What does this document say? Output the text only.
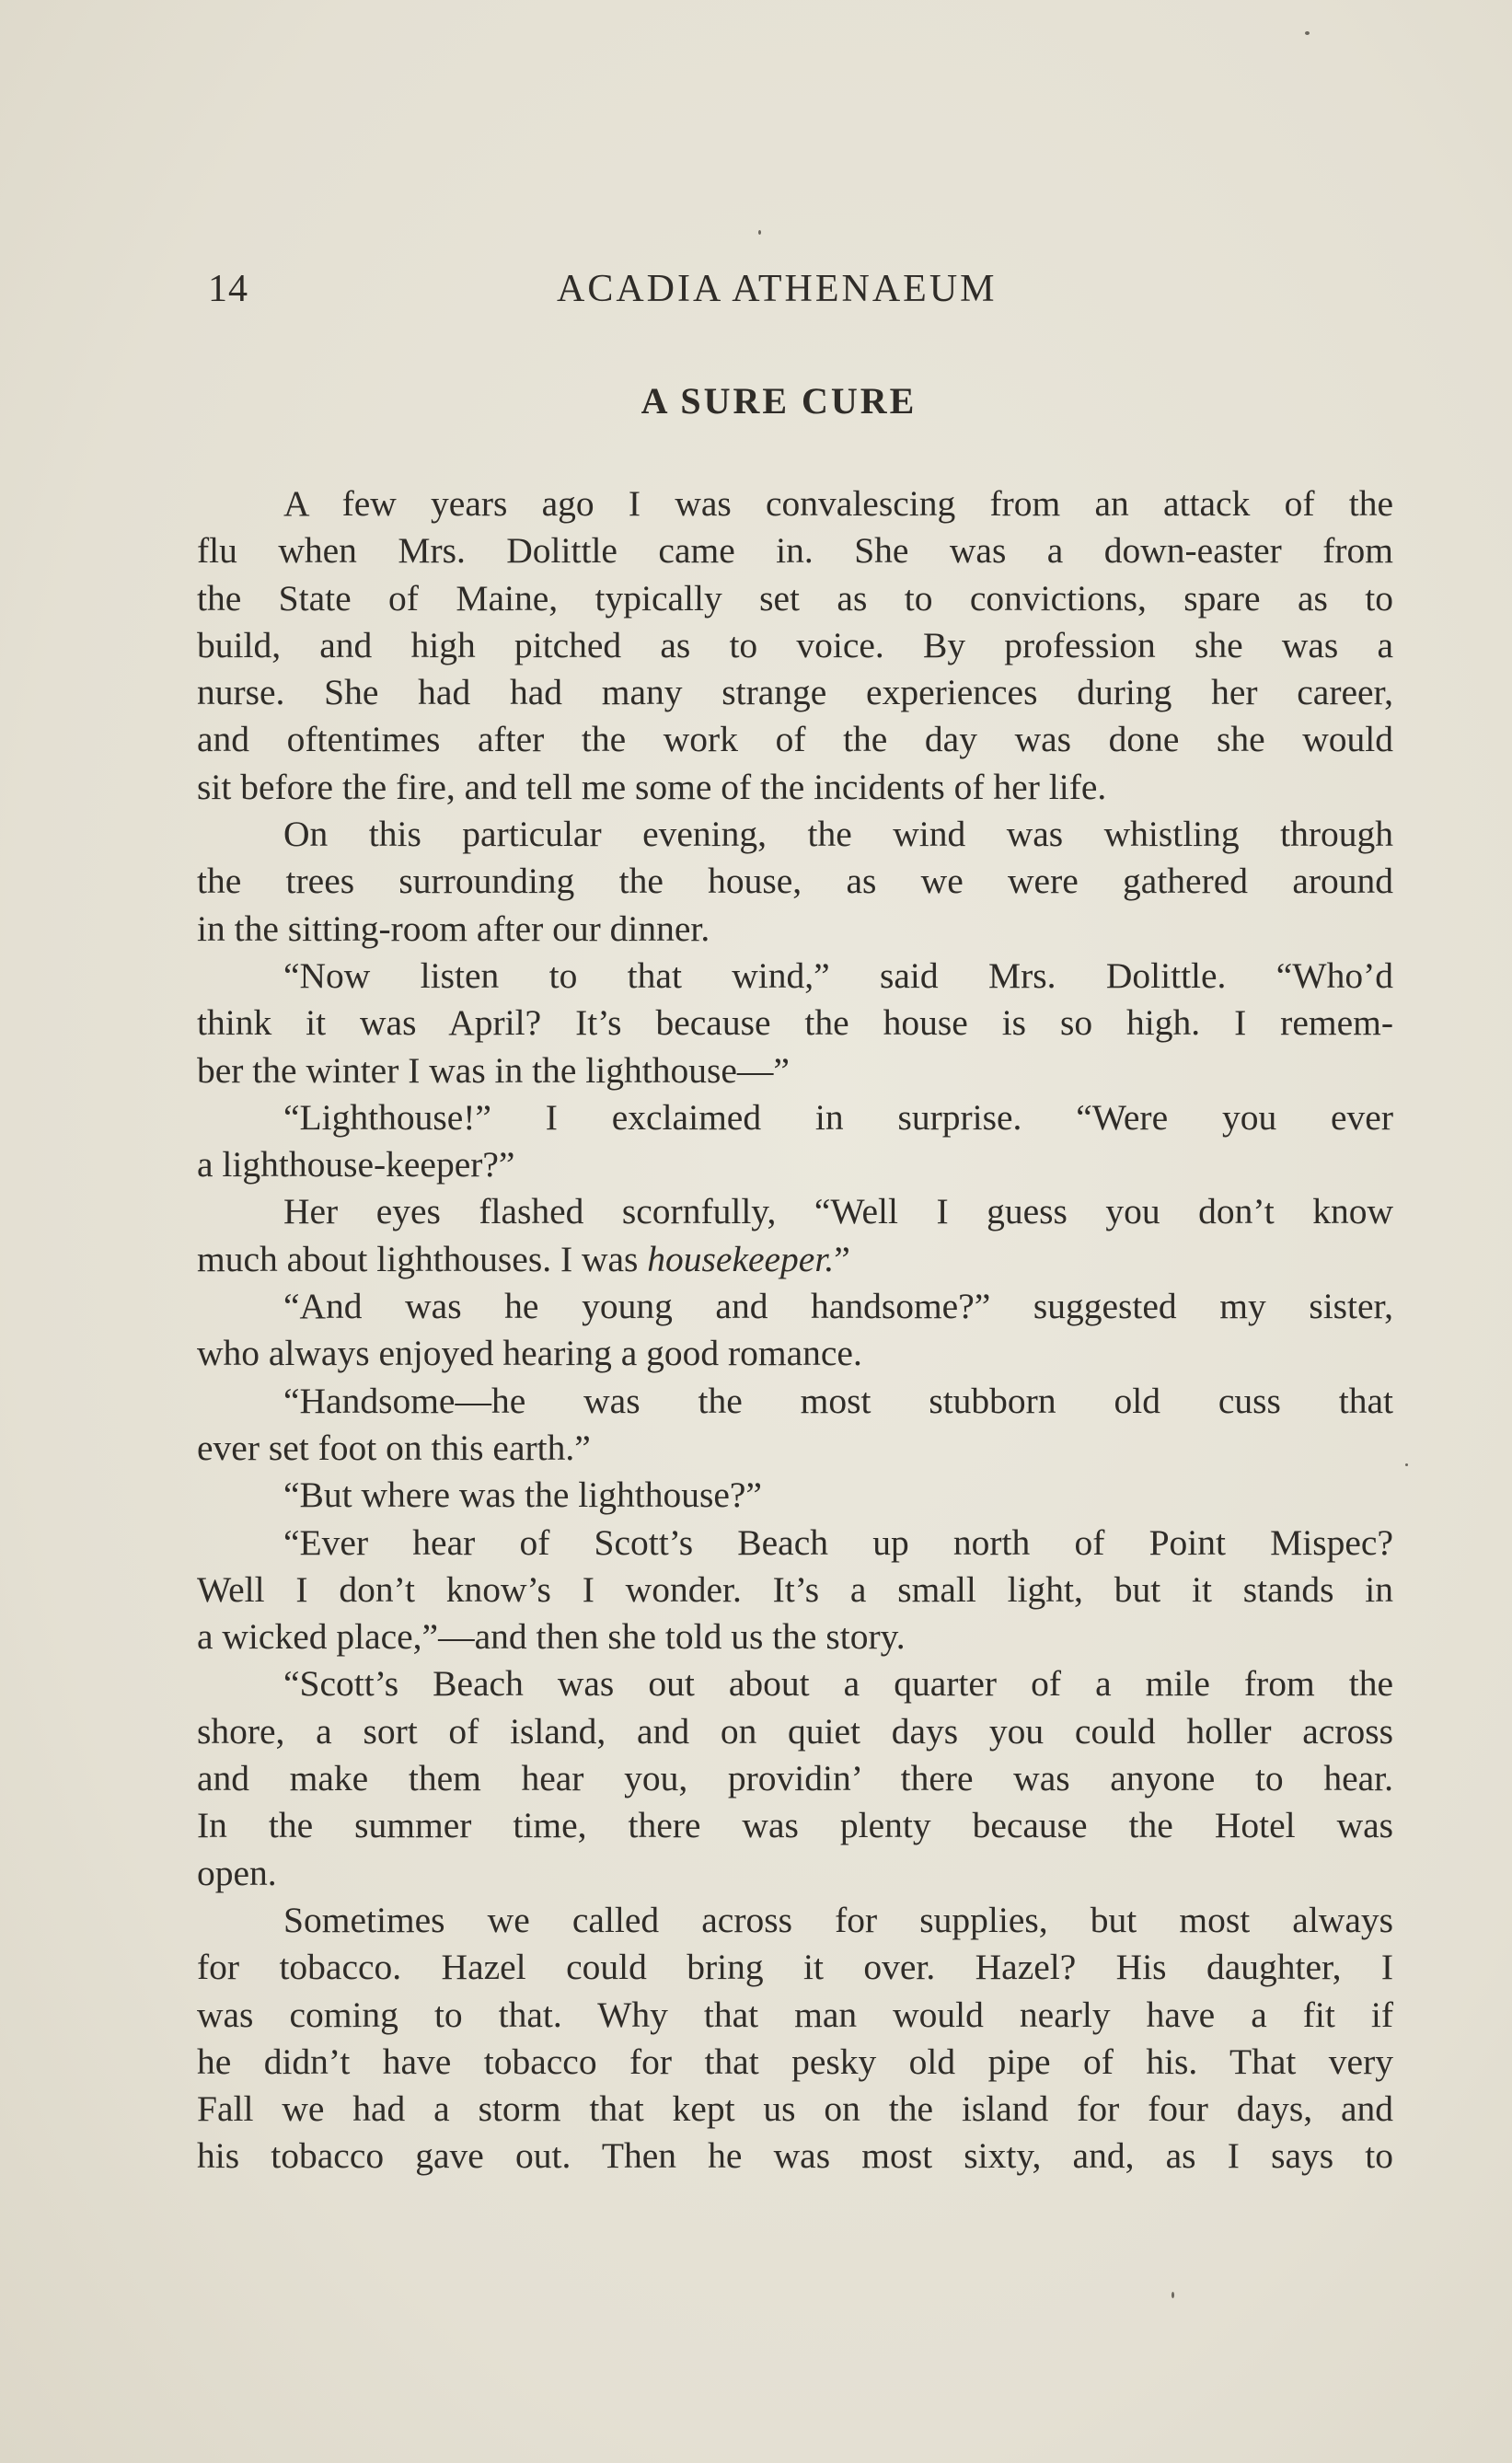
14	ACADIA ATHENAEUM
A SURE CURE

A few years ago I was convalescing from an attack of the
flu when Mrs. Dolittle came in. She was a down-easter from
the State of Maine, typically set as to convictions, spare as to
build, and high pitched as to voice. By profession she was a
nurse. She had had many strange experiences during her career,
and oftentimes after the work of the day was done she would
sit before the fire, and tell me some of the incidents of her life.

On this particular evening, the wind was whistling through
the trees surrounding the house, as we were gathered around
in the sitting-room after our dinner.

“Now listen to that wind,” said Mrs. Dolittle. “Who’d
think it was April? It’s because the house is so high. I remem-
ber the winter I was in the lighthouse—”

“Lighthouse!” I exclaimed in surprise. “Were you ever
a lighthouse-keeper?”

Her eyes flashed scornfully, “Well I guess you don’t know
much about lighthouses. I was housekeeper.”

“And was he young and handsome?” suggested my sister,
who always enjoyed hearing a good romance.

“Handsome—he was the most stubborn old cuss that
ever set foot on this earth.”

“But where was the lighthouse?”

“Ever hear of Scott’s Beach up north of Point Mispec?
Well I don’t know’s I wonder. It’s a small light, but it stands in
a wicked place,”—and then she told us the story.

“Scott’s Beach was out about a quarter of a mile from the
shore, a sort of island, and on quiet days you could holler across
and make them hear you, providin’ there was anyone to hear.
In the summer time, there was plenty because the Hotel was
open.

Sometimes we called across for supplies, but most always
for tobacco. Hazel could bring it over. Hazel? His daughter, I
was coming to that. Why that man would nearly have a fit if
he didn’t have tobacco for that pesky old pipe of his. That very
Fall we had a storm that kept us on the island for four days, and
his tobacco gave out. Then he was most sixty, and, as I says to
